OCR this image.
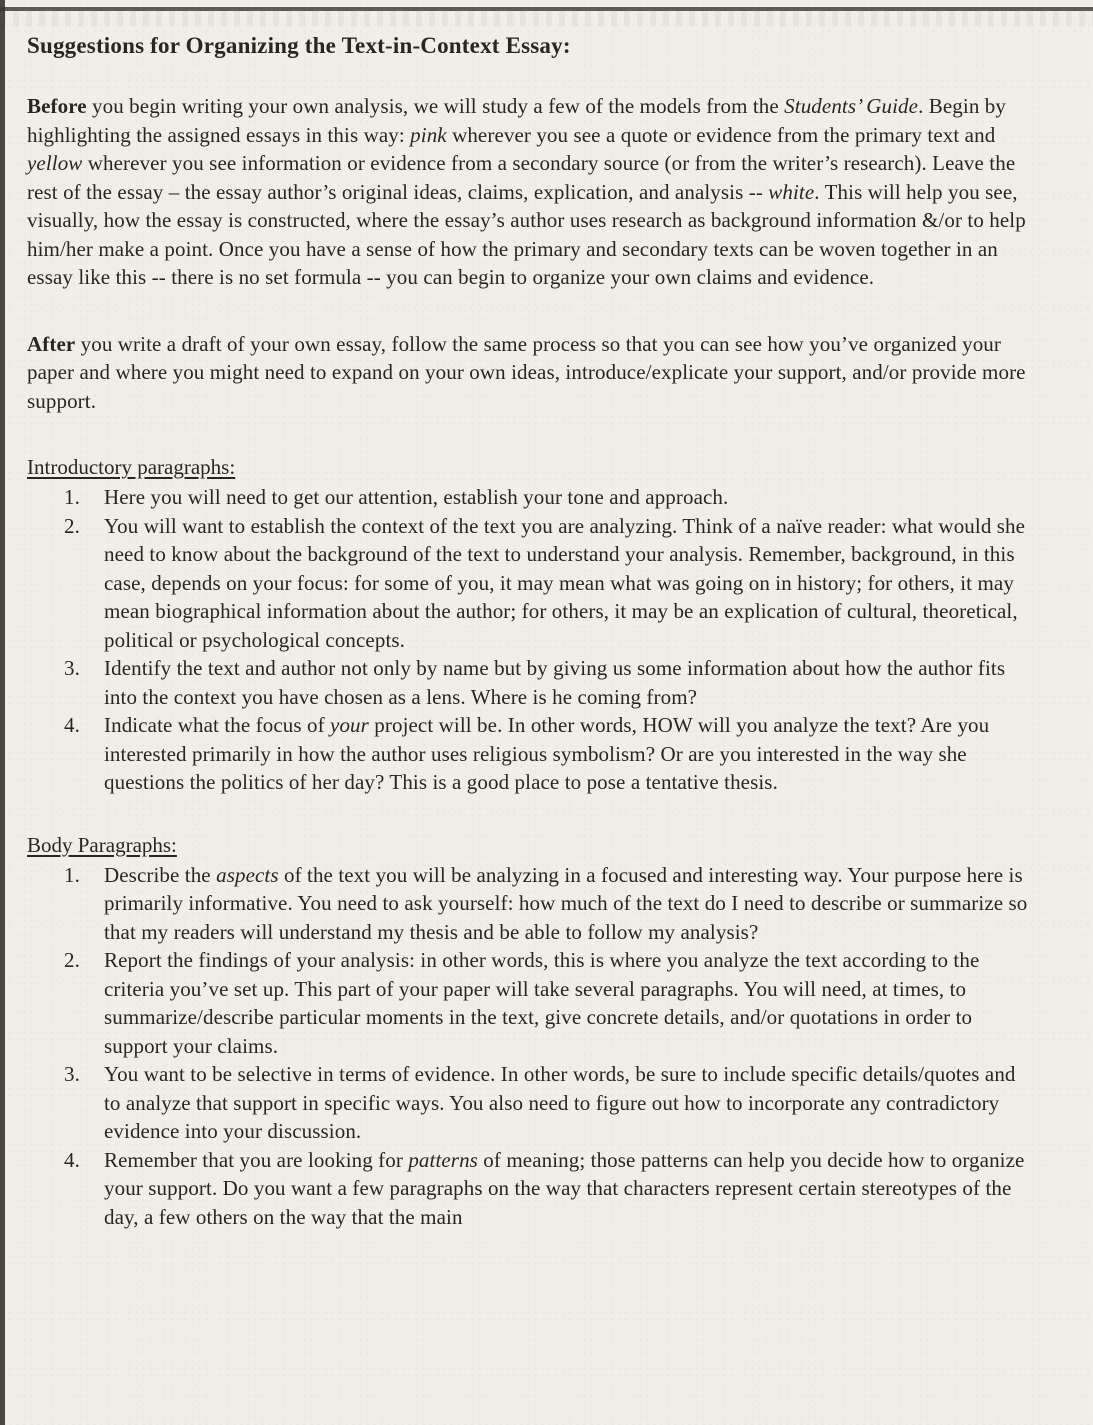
Suggestions for Organizing the Text-in-Context Essay:

Before you begin writing your own analysis, we will study a few of the models from the Students’ Guide. Begin by highlighting the assigned essays in this way: pink wherever you see a quote or evidence from the primary text and yellow wherever you see information or evidence from a secondary source (or from the writer’s research). Leave the rest of the essay – the essay author’s original ideas, claims, explication, and analysis -- white. This will help you see, visually, how the essay is constructed, where the essay’s author uses research as background information &/or to help him/her make a point. Once you have a sense of how the primary and secondary texts can be woven together in an essay like this -- there is no set formula -- you can begin to organize your own claims and evidence.

After you write a draft of your own essay, follow the same process so that you can see how you’ve organized your paper and where you might need to expand on your own ideas, introduce/explicate your support, and/or provide more support.

Introductory paragraphs:
1.	Here you will need to get our attention, establish your tone and approach.
2.	You will want to establish the context of the text you are analyzing. Think of a naïve reader: what would she need to know about the background of the text to understand your analysis. Remember, background, in this case, depends on your focus: for some of you, it may mean what was going on in history; for others, it may mean biographical information about the author; for others, it may be an explication of cultural, theoretical, political or psychological concepts.
3.	Identify the text and author not only by name but by giving us some information about how the author fits into the context you have chosen as a lens. Where is he coming from?
4.	Indicate what the focus of your project will be. In other words, HOW will you analyze the text? Are you interested primarily in how the author uses religious symbolism? Or are you interested in the way she questions the politics of her day? This is a good place to pose a tentative thesis.
Body Paragraphs:
1.	Describe the aspects of the text you will be analyzing in a focused and interesting way. Your purpose here is primarily informative. You need to ask yourself: how much of the text do I need to describe or summarize so that my readers will understand my thesis and be able to follow my analysis?
2.	Report the findings of your analysis: in other words, this is where you analyze the text according to the criteria you’ve set up. This part of your paper will take several paragraphs. You will need, at times, to summarize/describe particular moments in the text, give concrete details, and/or quotations in order to support your claims.
3.	You want to be selective in terms of evidence. In other words, be sure to include specific details/quotes and to analyze that support in specific ways. You also need to figure out how to incorporate any contradictory evidence into your discussion.
4.	Remember that you are looking for patterns of meaning; those patterns can help you decide how to organize your support. Do you want a few paragraphs on the way that characters represent certain stereotypes of the day, a few others on the way that the main
